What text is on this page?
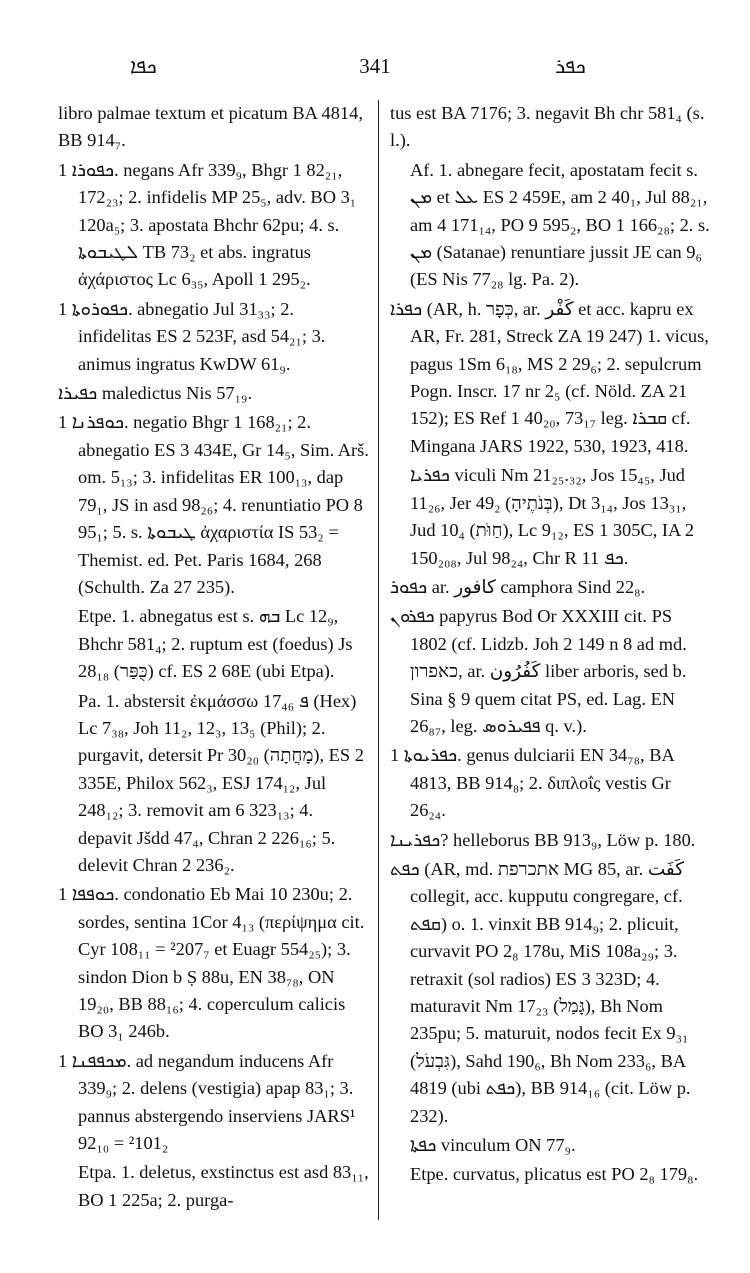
ܟܦܐ	341	ܟܦܪ

libro palmae textum et picatum BA 4814, BB 914₇.

ܟܦܘܪܐ 1. negans Afr 339₉, Bhgr 1 82₂₁, 172₂₃; 2. infidelis MP 25₅, adv. BO 3₁ 120a₅; 3. apostata Bhchr 62pu; 4. s. ܠܛܝܒܘܬܐ TB 73₂ et abs. ingratus ἀχάριστος Lc 6₃₅, Apoll 1 295₂.

ܟܦܘܪܘܬܐ 1. abnegatio Jul 31₃₃; 2. infidelitas ES 2 523F, asd 54₂₁; 3. animus ingratus KwDW 61₉.

ܟܦܝܪܐ maledictus Nis 57₁₉.

ܟܘܦܪܢܐ 1. negatio Bhgr 1 168₂₁; 2. abnegatio ES 3 434E, Gr 14₅, Sim. Arš. om. 5₁₃; 3. infidelitas ER 100₁₃, dap 79₁, JS in asd 98₂₆; 4. renuntiatio PO 8 95₁; 5. s. ܛܝܒܘܬܐ ἀχαριστία IS 53₂ = Themist. ed. Pet. Paris 1684, 268 (Schulth. Za 27 235).

Etpe. 1. abnegatus est s. ܒܗ Lc 12₉, Bhchr 581₄; 2. ruptum est (foedus) Js 28₁₈ (כֻּפַּר) cf. ES 2 68E (ubi Etpa).

Pa. 1. abstersit ἐκμάσσω ܦ 17₄₆ (Hex) Lc 7₃₈, Joh 11₂, 12₃, 13₅ (Phil); 2. purgavit, detersit Pr 30₂₀ (מָחֲתָה), ES 2 335E, Philox 562₃, ESJ 174₁₂, Jul 248₁₂; 3. removit am 6 323₁₃; 4. depavit Jšdd 47₄, Chran 2 226₁₆; 5. delevit Chran 2 236₂.

ܟܘܦܦܐ 1. condonatio Eb Mai 10 230u; 2. sordes, sentina 1Cor 4₁₃ (περίψημα cit. Cyr 108₁₁ = ²207₇ et Euagr 554₂₅); 3. sindon Dion b Ṣ 88u, EN 38₇₈, ON 19₂₀, BB 88₁₆; 4. coperculum calicis BO 3₁ 246b.

ܡܟܦܦܢܐ 1. ad negandum inducens Afr 339₉; 2. delens (vestigia) apap 83₁; 3. pannus abstergendo inserviens JARS¹ 92₁₀ = ²101₂

Etpa. 1. deletus, exstinctus est asd 83₁₁, BO 1 225a; 2. purga-

tus est BA 7176; 3. negavit Bh chr 581₄ (s. l.).

Af. 1. abnegare fecit, apostatam fecit s. ܡܢ et ܥܠ ES 2 459E, am 2 40₁, Jul 88₂₁, am 4 171₁₄, PO 9 595₂, BO 1 166₂₈; 2. s. ܡܢ (Satanae) renuntiare jussit JE can 9₆ (ES Nis 77₂₈ lg. Pa. 2).

ܟܦܪܐ (AR, h. כְּפָר, ar. كَفْر et acc. kapru ex AR, Fr. 281, Streck ZA 19 247) 1. vicus, pagus 1Sm 6₁₈, MS 2 29₆; 2. sepulcrum Pogn. Inscr. 17 nr 2₅ (cf. Nöld. ZA 21 152); ES Ref 1 40₂₀, 73₁₇ leg. ܩܒܪܐ cf. Mingana JARS 1922, 530, 1923, 418.

ܟܦܪܝܐ viculi Nm 21₂₅.₃₂, Jos 15₄₅, Jud 11₂₆, Jer 49₂ (בְּנֹתֶיהָ), Dt 3₁₄, Jos 13₃₁, Jud 10₄ (חַוֺּת), Lc 9₁₂, ES 1 305C, IA 2 150₂₀₈, Jul 98₂₄, Chr R ܟܦ 11.

ܟܦܘܪ ar. كافور camphora Sind 22₈.

ܟܦܪܘܢ papyrus Bod Or XXXIII cit. PS 1802 (cf. Lidzb. Joh 2 149 n 8 ad md. כאפרון, ar. كَفُرُون liber arboris, sed b. Sina § 9 quem citat PS, ed. Lag. EN 26₈₇, leg. ܦܦܝܪܘܣ q. v.).

ܟܦܪܝܘܬܐ 1. genus dulciarii EN 34₇₈, BA 4813, BB 914₈; 2. διπλοΐς vestis Gr 26₂₄.

ܟܦܪܝܢܐ? helleborus BB 913₉, Löw p. 180.

ܟܦܬ (AR, md. אתכרפת MG 85, ar. كَفَت collegit, acc. kupputu congregare, cf. ܩܦܬ) o. 1. vinxit BB 914₉; 2. plicuit, curvavit PO 2₈ 178u, MiS 108a₂₉; 3. retraxit (sol radios) ES 3 323D; 4. maturavit Nm 17₂₃ (גָּמַל), Bh Nom 235pu; 5. maturuit, nodos fecit Ex 9₃₁ (גִּבְעֹל), Sahd 190₆, Bh Nom 233₆, BA 4819 (ubi ܟܦܬ), BB 914₁₆ (cit. Löw p. 232).

ܟܦܬܐ vinculum ON 77₉.

Etpe. curvatus, plicatus est PO 2₈ 179₈.
